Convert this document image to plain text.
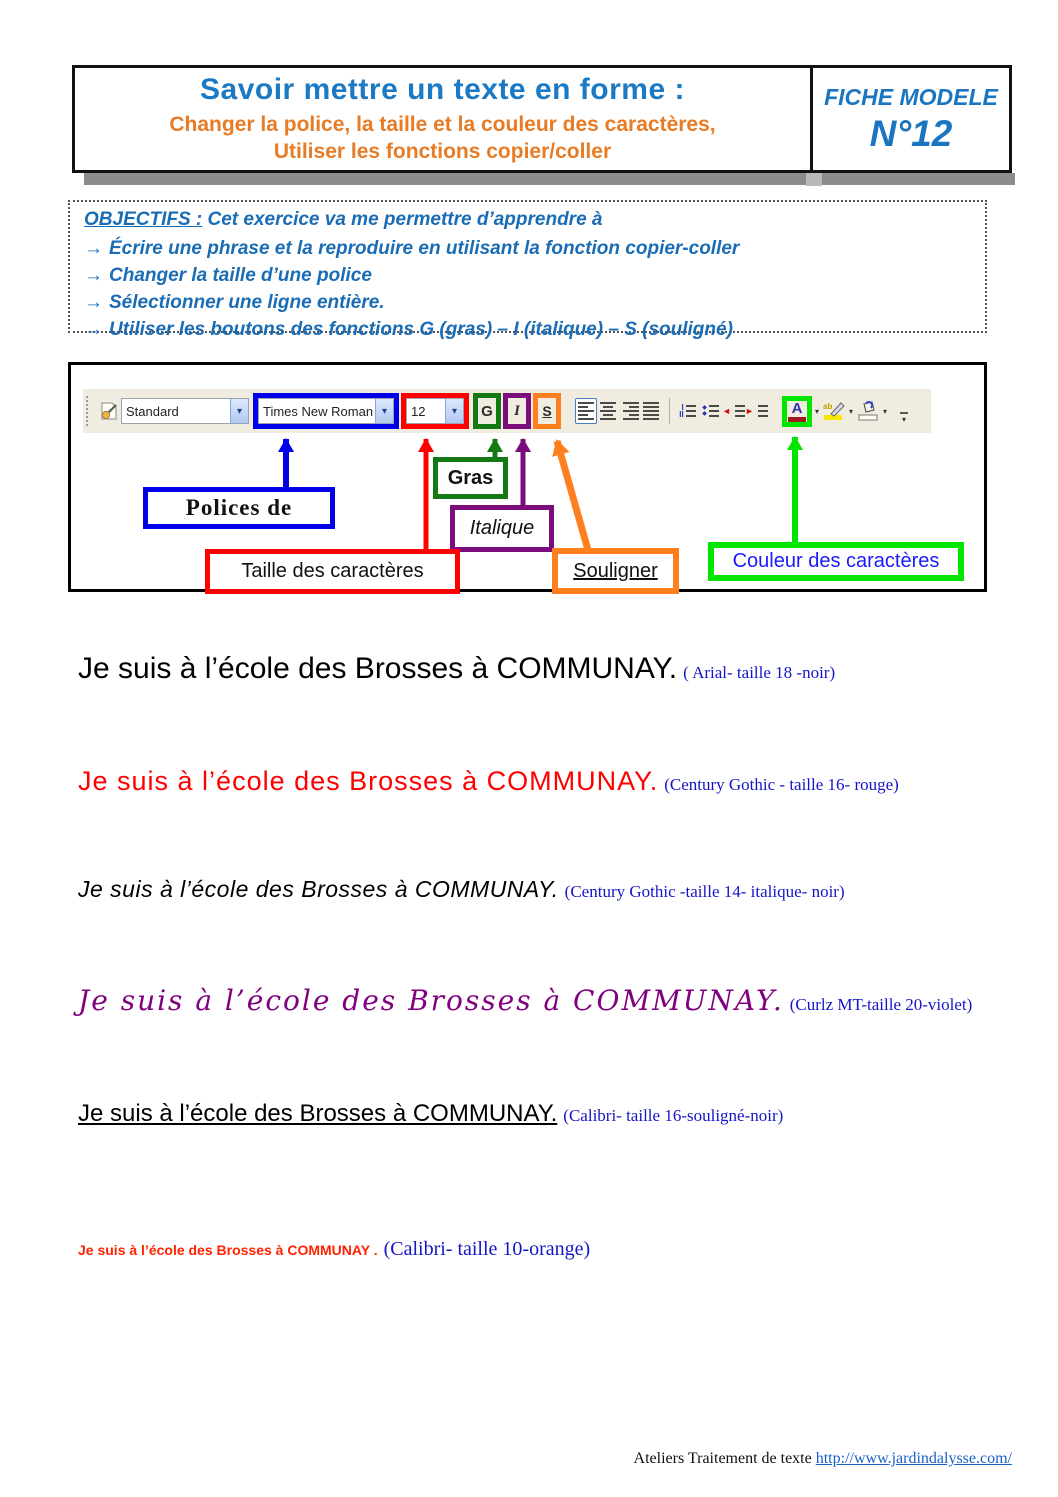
Savoir mettre un texte en forme :
Changer la police, la taille et la couleur des caractères,
Utiliser les fonctions copier/coller
FICHE MODELE
N°12
OBJECTIFS : Cet exercice va me permettre d’apprendre à
→ Écrire une phrase et la reproduire en utilisant la fonction copier-coller
→ Changer la taille d’une police
→ Sélectionner une ligne entière.
→ Utiliser les boutons des fonctions G (gras) – I (italique) – S (souligné)
Standard	▾	Times New Roman ▾	12	▾	G	I	S	I
II
◆
◆ ◄ ►	A ▾ ab ▾	▾
▾
Polices de
Gras
Italique
Taille des caractères	Souligner	Couleur des caractères
Je suis à l’école des Brosses à COMMUNAY. ( Arial- taille 18 -noir)
Je suis à l’école des Brosses à COMMUNAY. (Century Gothic - taille 16- rouge)
Je suis à l’école des Brosses à COMMUNAY. (Century Gothic -taille 14- italique- noir)
Je suis à l’école des Brosses à COMMUNAY. (Curlz MT-taille 20-violet)
Je suis à l’école des Brosses à COMMUNAY. (Calibri- taille 16-souligné-noir)
Je suis à l’école des Brosses à COMMUNAY . (Calibri- taille 10-orange)
Ateliers Traitement de texte http://www.jardindalysse.com/
